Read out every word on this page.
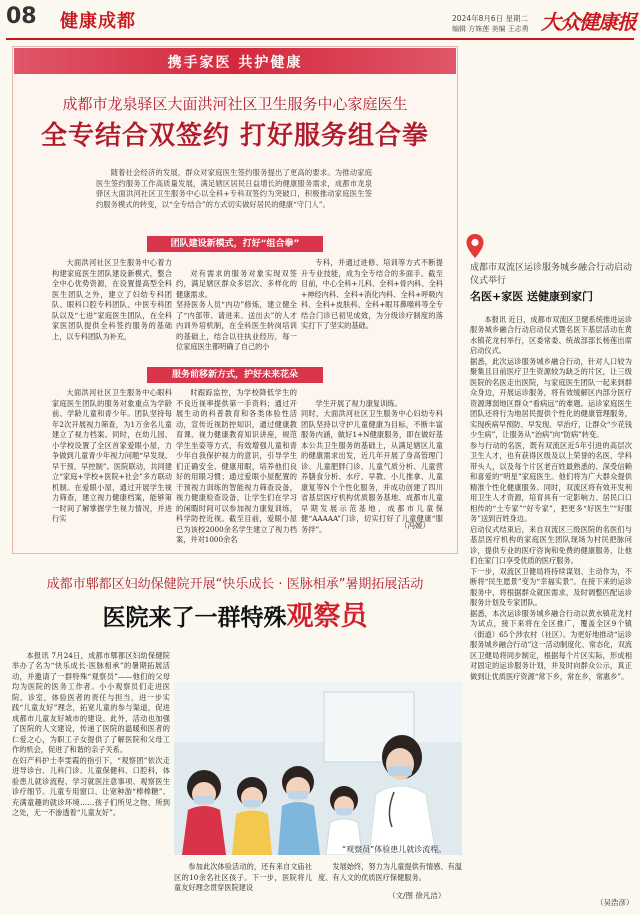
08 健康成都	2024年8月6日 星期二
编辑 方姝莲 美编 王志勇 大众健康报
携手家医 共护健康
成都市龙泉驿区大面洪河社区卫生服务中心家庭医生
全专结合双签约 打好服务组合拳

随着社会经济的发展，群众对家庭医生签约服务提出了更高的要求。为推动家庭医生签约服务工作高质量发展，满足辖区居民日益增长的健康服务需求，成都市龙泉驿区大面洪河社区卫生服务中心以全科+专科双签约为突破口，积极推动家庭医生签约服务模式的转变，以“全专结合”的方式切实做好居民的健康“守门人”。

团队建设新模式，打好“组合拳”

大面洪河社区卫生服务中心着力构建家庭医生团队建设新模式，整合全中心优势资源，在设置提高型全科医生团队之外，建立了妇幼专科团队、眼科口腔专科团队、中医专科团队以及“七进”家庭医生团队，在全科家医团队提供全科签约服务的基础上，以专科团队为补充，

对有需求的服务对象实现双签约，满足辖区群众多层次、多样化的健康需求。
坚持医务人员“内功”修炼，建立健全了“内部带、请进来、送出去”的人才内训外培机制，在全科医生转岗培训的基础上，结合以往执业经历，每一位家庭医生都明确了自己的小

专科，并通过进修、培训等方式不断提升专业技能，成为全专结合的多面手。截至目前，中心全科+儿科、全科+骨内科、全科+神经内科、全科+消化内科、全科+呼吸内科、全科+皮肤科、全科+眼耳鼻喉科等全专结合门诊已初见成效，为分级诊疗制度的落实打下了坚实的基础。

服务前移新方式，护好未来花朵

大面洪河社区卫生服务中心眼科家庭医生团队的服务对象重点为学龄前、学龄儿童和青少年。团队坚持每年2次开展视力筛查，为1万余名儿童建立了视力档案。同时，在幼儿园、小学校设置了全区首家爱眼小屋，力争做到儿童青少年视力问题“早发现、早干预、早控制”。医院联动，共同建立“家庭+学校+医院+社会”多方联动机制。在爱眼小屋，通过开展学生视力筛查，建立视力健康档案，能够第一时间了解掌握学生视力情况，并进行实

时跟踪监控，为学校降低学生的不良近视率提供第一手资料；通过开展生动的科普教育和各类体验性活动，宣传近视防控知识，通过健康教育课、视力健康教育知识讲座，规范学生坐姿等方式，有效增强儿童和青少年自我保护视力的意识，引导学生们正确安全、健康用眼，培养他们良好的用眼习惯；通过爱眼小屋配置的干预视力训练的智能视力筛查设备，视力健康检查设备，让学生们在学习的闲暇时间可以参加视力康复训练，科学防控近视。截至目前，爱眼小屋已为该校2000余名学生建立了视力档案，并对1000余名

学生开展了视力康复训练。
同时，大面洪河社区卫生服务中心妇幼专科团队坚持以守护儿童健康为目标，不断丰富服务内涵，做好1+N健康服务，即在做好基本公共卫生服务的基础上，从满足辖区儿童的健康需求出发，近几年开展了身高管理门诊、儿童肥胖门诊、儿童气质分析、儿童营养膳食分析、水疗、早教、小儿推拿、儿童康复等N个个性化服务，并成功创建了四川省基层医疗机构优质服务基地、成都市儿童早期发展示范基地、成都市儿童保健“AAAAA”门诊，切实打好了儿童健康“服务拌”。	（冯媛）
成都市双流区运诊服务城乡融合行动启动仪式举行
名医+家医 送健康到家门

本报讯 近日，成都市双流区卫健系统推进运诊服务城乡融合行动启动仪式暨名医下基层活动在黄水镇花龙村举行，区委常委、统战部部长杨莲出席启动仪式。
据悉，此次运诊服务城乡融合行动，针对人口较为聚集且目前医疗卫生资源较为缺乏的片区，让三级医院的名医走出医院，与家庭医生团队一起来到群众身边，开展运诊服务，将有效缓解区内部分医疗资源薄弱地区群众“看病远”的难题。运诊家庭医生团队还将行为地居民提供个性化的健康管理服务，实现疾病早预防、早发现、早治疗，让群众“少花钱少生病”，让服务从“治病”向“防病”转变。
参与行动的名医，既有双流区近5年引进的高层次卫生人才，也有获得区级及以上荣誉的名医，学科带头人，以及每个片区老百姓最熟悉的、深受信赖和喜爱的“明星”家庭医生。他们将为广大群众提供精准个性化健康服务。同时，双流区将有效开发利用卫生人才资源，培育具有一定影响力、居民口口相传的“土专家”“好专家”，把更多“好医生”“好服务”送到百姓身边。
启动仪式结束后，来自双流区三级医院的名医们与基层医疗机构的家庭医生团队现场为村民把脉问诊，提供专业的医疗咨询和免费的健康服务，让他们在家门口享受优质的医疗服务。
下一步，双流区卫健局将持续谋划、主动作为，不断将“民生愿景”变为“幸福实景”。在接下来的运诊服务中，将根据群众就医需求，及时调整匹配运诊服务计划及专家团队。
据悉，本次运诊服务城乡融合行动以黄水镇花龙村为试点，接下来将在全区推广，覆盖全区9个镇（街道）65个涉农村（社区）。为更好地推动“运诊服务城乡融合行动”这一活动制度化、常态化，双流区卫健局将同步制定，根据每个片区实际，形成相对固定的运诊服务计划，并及时向群众公示，真正做到让优质医疗资源“常下乡，常在乡，常惠乡”。

（吴浩彦）
成都市郫都区妇幼保健院开展“快乐成长 · 医脉相承”暑期拓展活动
医院来了一群特殊观察员

本报讯 7月24日，成都市郫都区妇幼保健院举办了名为“快乐成长·医脉相承”的暑期拓展活动，并邀请了一群特殊“观察员”——他们的父母均为医院的医务工作者。小小观察员们走进医院、诊室，体验医者的责任与担当，进一步实践“儿童友好”理念，拓宽儿童的参与渠道，促进成都市儿童友好城市的建设。此外，活动也加强了医院的人文建设，传递了医院的温暖和医者的仁爱之心，为职工子女提供了了解医院和父母工作的机会，促进了和谐的亲子关系。
在妇产科护士李雯霞的指引下，“观察团”依次走进导诊台、儿科门诊、儿童保健科、口腔科，体验患儿就诊流程、学习就医注意事项、观察医生诊疗细节。儿童专用窗口、让宽种游“棒棒糖”、充满童趣的就诊环境……孩子们所见之物、所到之处，无一不渗透着“儿童友好”。

“观察员”体验患儿就诊流程。

参加此次体验活动的，还有来自文庙社区的10余名社区孩子。下一步，医院将儿童友好理念贯穿医院建设

发展始终，努力为儿童提供有情感、有温度、有人文的优质医疗保健服务。

（文/图 徐凡洁）
